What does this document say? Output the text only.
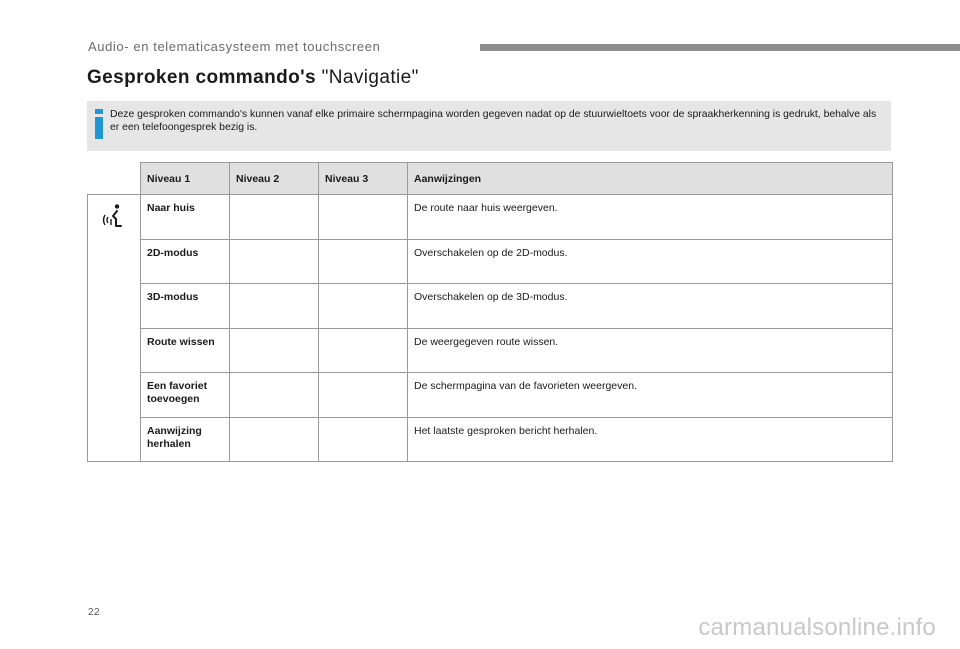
Audio- en telematicasysteem met touchscreen
Gesproken commando's "Navigatie"
Deze gesproken commando's kunnen vanaf elke primaire schermpagina worden gegeven nadat op de stuurwieltoets voor de spraakherkenning is gedrukt, behalve als er een telefoongesprek bezig is.
	Niveau 1	Niveau 2	Niveau 3	Aanwijzingen
	Naar huis			De route naar huis weergeven.
	2D-modus			Overschakelen op de 2D-modus.
	3D-modus			Overschakelen op de 3D-modus.
	Route wissen			De weergegeven route wissen.
	Een favoriet toevoegen			De schermpagina van de favorieten weergeven.
	Aanwijzing herhalen			Het laatste gesproken bericht herhalen.
22
carmanualsonline.info
